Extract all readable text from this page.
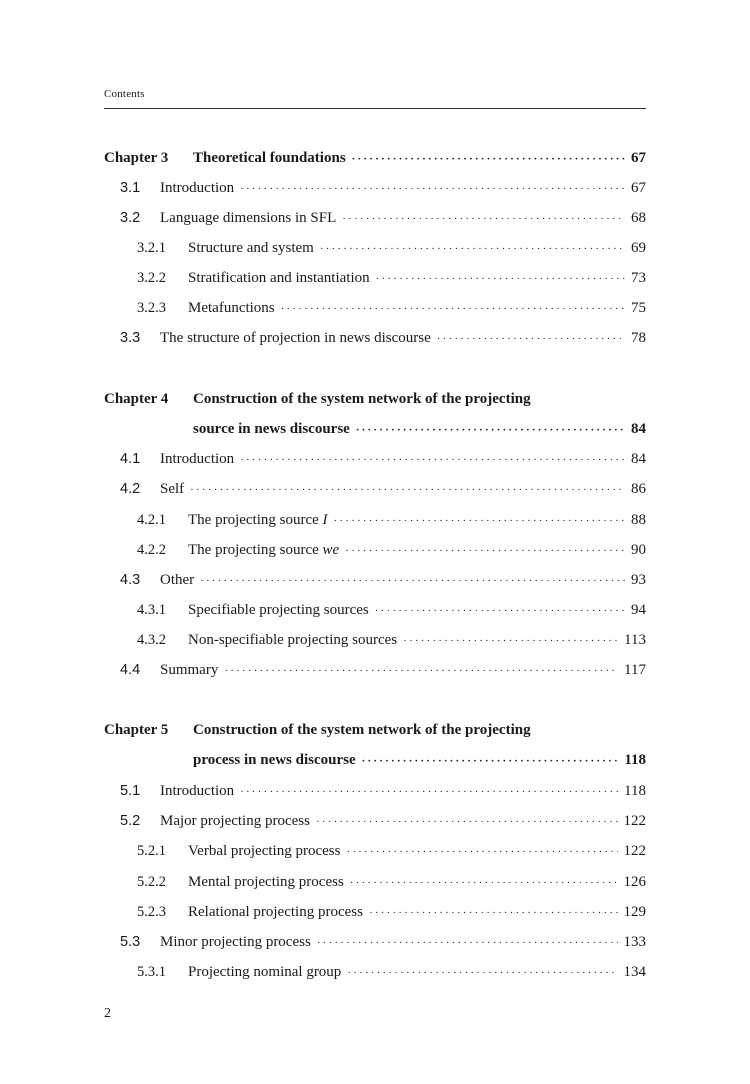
Contents
Chapter 3	Theoretical foundations ·····	67
3.1	Introduction ·····	67
3.2	Language dimensions in SFL ·····	68
3.2.1	Structure and system ·····	69
3.2.2	Stratification and instantiation ·····	73
3.2.3	Metafunctions ·····	75
3.3	The structure of projection in news discourse ·····	78
Chapter 4	Construction of the system network of the projecting
source in news discourse ·····	84
4.1	Introduction ·····	84
4.2	Self ·····	86
4.2.1	The projecting source I ·····	88
4.2.2	The projecting source we ·····	90
4.3	Other ·····	93
4.3.1	Specifiable projecting sources ·····	94
4.3.2	Non-specifiable projecting sources ·····	113
4.4	Summary ·····	117
Chapter 5	Construction of the system network of the projecting
process in news discourse ·····	118
5.1	Introduction ·····	118
5.2	Major projecting process ·····	122
5.2.1	Verbal projecting process ·····	122
5.2.2	Mental projecting process ·····	126
5.2.3	Relational projecting process ·····	129
5.3	Minor projecting process ·····	133
5.3.1	Projecting nominal group ·····	134
2
